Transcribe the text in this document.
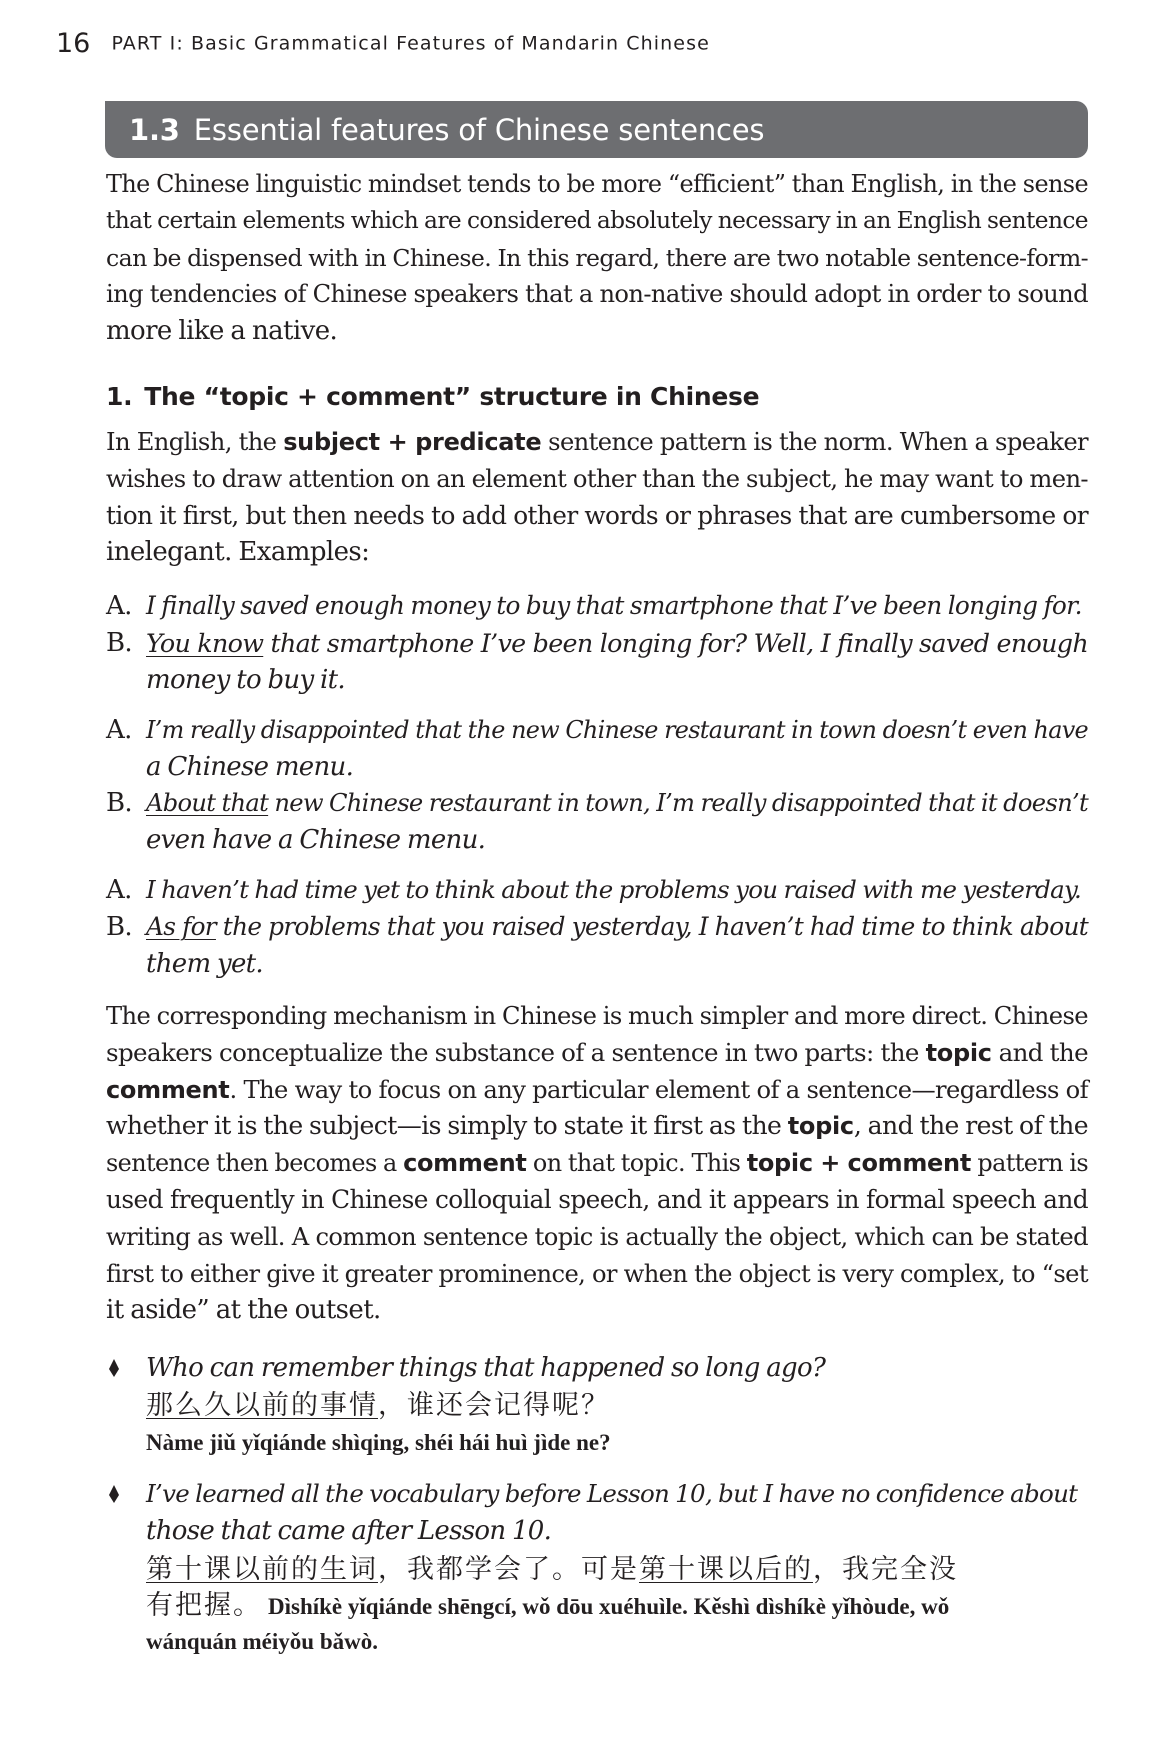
16 PART I: Basic Grammatical Features of Mandarin Chinese
1.3 Essential features of Chinese sentences

The Chinese linguistic mindset tends to be more “efficient” than English, in the sense
that certain elements which are considered absolutely necessary in an English sentence
can be dispensed with in Chinese. In this regard, there are two notable sentence-form-
ing tendencies of Chinese speakers that a non-native should adopt in order to sound
more like a native.

1. The “topic + comment” structure in Chinese

In English, the subject + predicate sentence pattern is the norm. When a speaker
wishes to draw attention on an element other than the subject, he may want to men-
tion it first, but then needs to add other words or phrases that are cumbersome or
inelegant. Examples:

A. I finally saved enough money to buy that smartphone that I’ve been longing for.
B. You know that smartphone I’ve been longing for? Well, I finally saved enough
money to buy it.
A. I’m really disappointed that the new Chinese restaurant in town doesn’t even have
a Chinese menu.
B. About that new Chinese restaurant in town, I’m really disappointed that it doesn’t
even have a Chinese menu.
A. I haven’t had time yet to think about the problems you raised with me yesterday.
B. As for the problems that you raised yesterday, I haven’t had time to think about
them yet.

The corresponding mechanism in Chinese is much simpler and more direct. Chinese
speakers conceptualize the substance of a sentence in two parts: the topic and the
comment. The way to focus on any particular element of a sentence—regardless of
whether it is the subject—is simply to state it first as the topic, and the rest of the
sentence then becomes a comment on that topic. This topic + comment pattern is
used frequently in Chinese colloquial speech, and it appears in formal speech and
writing as well. A common sentence topic is actually the object, which can be stated
first to either give it greater prominence, or when the object is very complex, to “set
it aside” at the outset.

Who can remember things that happened so long ago?
那么久以前的事情，谁还会记得呢？
Nàme jiǔ yǐqiánde shìqing, shéi hái huì jìde ne?
I’ve learned all the vocabulary before Lesson 10, but I have no confidence about
those that came after Lesson 10.
第十课以前的生词，我都学会了。可是第十课以后的，我完全没
有把握。 Dìshíkè yǐqiánde shēngcí, wǒ dōu xuéhuìle. Kěshì dìshíkè yǐhòude, wǒ
wánquán méiyǒu bǎwò.
